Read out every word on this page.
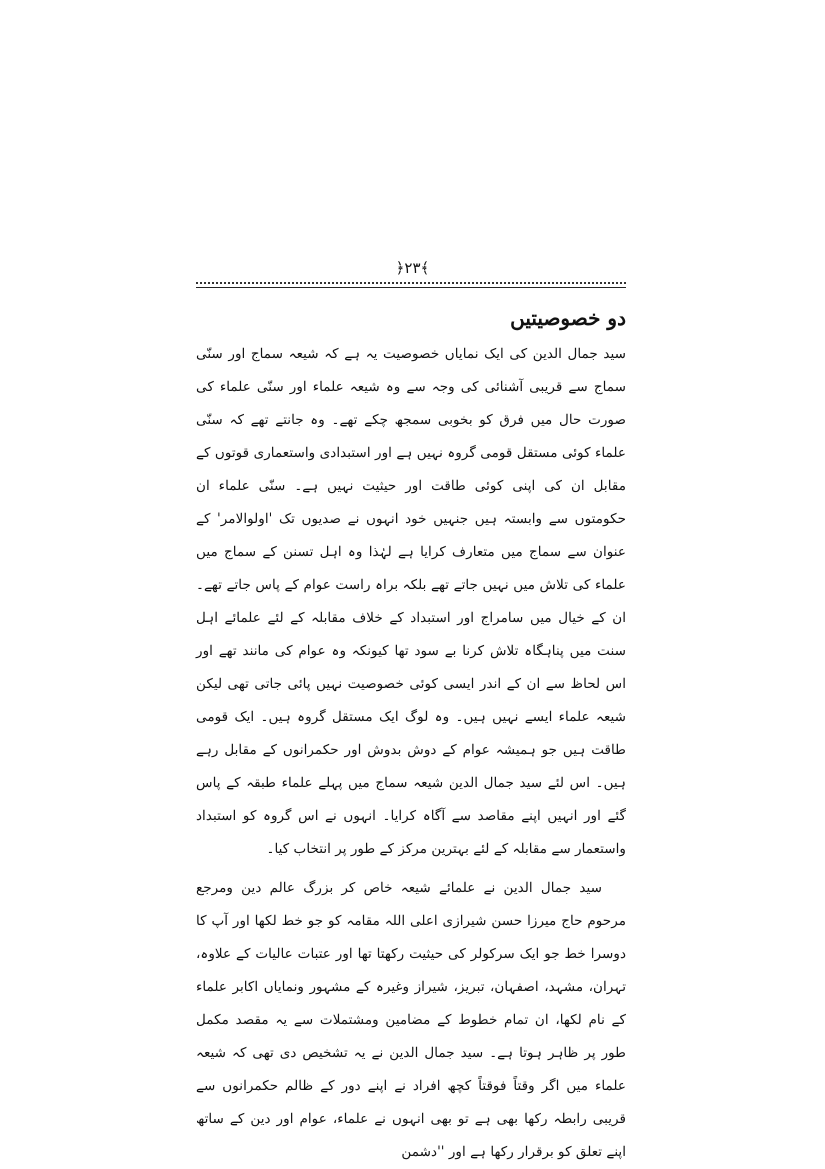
﴿۲۳﴾
دو خصوصیتیں

سید جمال الدین کی ایک نمایاں خصوصیت یہ ہے کہ شیعہ سماج اور سنّی سماج سے قریبی آشنائی کی وجہ سے وہ شیعہ علماء اور سنّی علماء کی صورت حال میں فرق کو بخوبی سمجھ چکے تھے۔ وہ جانتے تھے کہ سنّی علماء کوئی مستقل قومی گروہ نہیں ہے اور استبدادی واستعماری قوتوں کے مقابل ان کی اپنی کوئی طاقت اور حیثیت نہیں ہے۔ سنّی علماء ان حکومتوں سے وابستہ ہیں جنہیں خود انہوں نے صدیوں تک 'اولوالامر' کے عنوان سے سماج میں متعارف کرایا ہے لہٰذا وہ اہل تسنن کے سماج میں علماء کی تلاش میں نہیں جاتے تھے بلکہ براہ راست عوام کے پاس جاتے تھے۔ ان کے خیال میں سامراج اور استبداد کے خلاف مقابلہ کے لئے علمائے اہل سنت میں پناہگاہ تلاش کرنا بے سود تھا کیونکہ وہ عوام کی مانند تھے اور اس لحاظ سے ان کے اندر ایسی کوئی خصوصیت نہیں پائی جاتی تھی لیکن شیعہ علماء ایسے نہیں ہیں۔ وہ لوگ ایک مستقل گروہ ہیں۔ ایک قومی طاقت ہیں جو ہمیشہ عوام کے دوش بدوش اور حکمرانوں کے مقابل رہے ہیں۔ اس لئے سید جمال الدین شیعہ سماج میں پہلے علماء طبقہ کے پاس گئے اور انہیں اپنے مقاصد سے آگاہ کرایا۔ انہوں نے اس گروہ کو استبداد واستعمار سے مقابلہ کے لئے بہترین مرکز کے طور پر انتخاب کیا۔

سید جمال الدین نے علمائے شیعہ خاص کر بزرگ عالم دین ومرجع مرحوم حاج میرزا حسن شیرازی اعلی اللہ مقامہ کو جو خط لکھا اور آپ کا دوسرا خط جو ایک سرکولر کی حیثیت رکھتا تھا اور عتبات عالیات کے علاوہ، تہران، مشہد، اصفہان، تبریز، شیراز وغیرہ کے مشہور ونمایاں اکابر علماء کے نام لکھا، ان تمام خطوط کے مضامین ومشتملات سے یہ مقصد مکمل طور پر ظاہر ہوتا ہے۔ سید جمال الدین نے یہ تشخیص دی تھی کہ شیعہ علماء میں اگر وقتاً فوقتاً کچھ افراد نے اپنے دور کے ظالم حکمرانوں سے قریبی رابطہ رکھا بھی ہے تو بھی انہوں نے علماء، عوام اور دین کے ساتھ اپنے تعلق کو برقرار رکھا ہے اور ''دشمن
